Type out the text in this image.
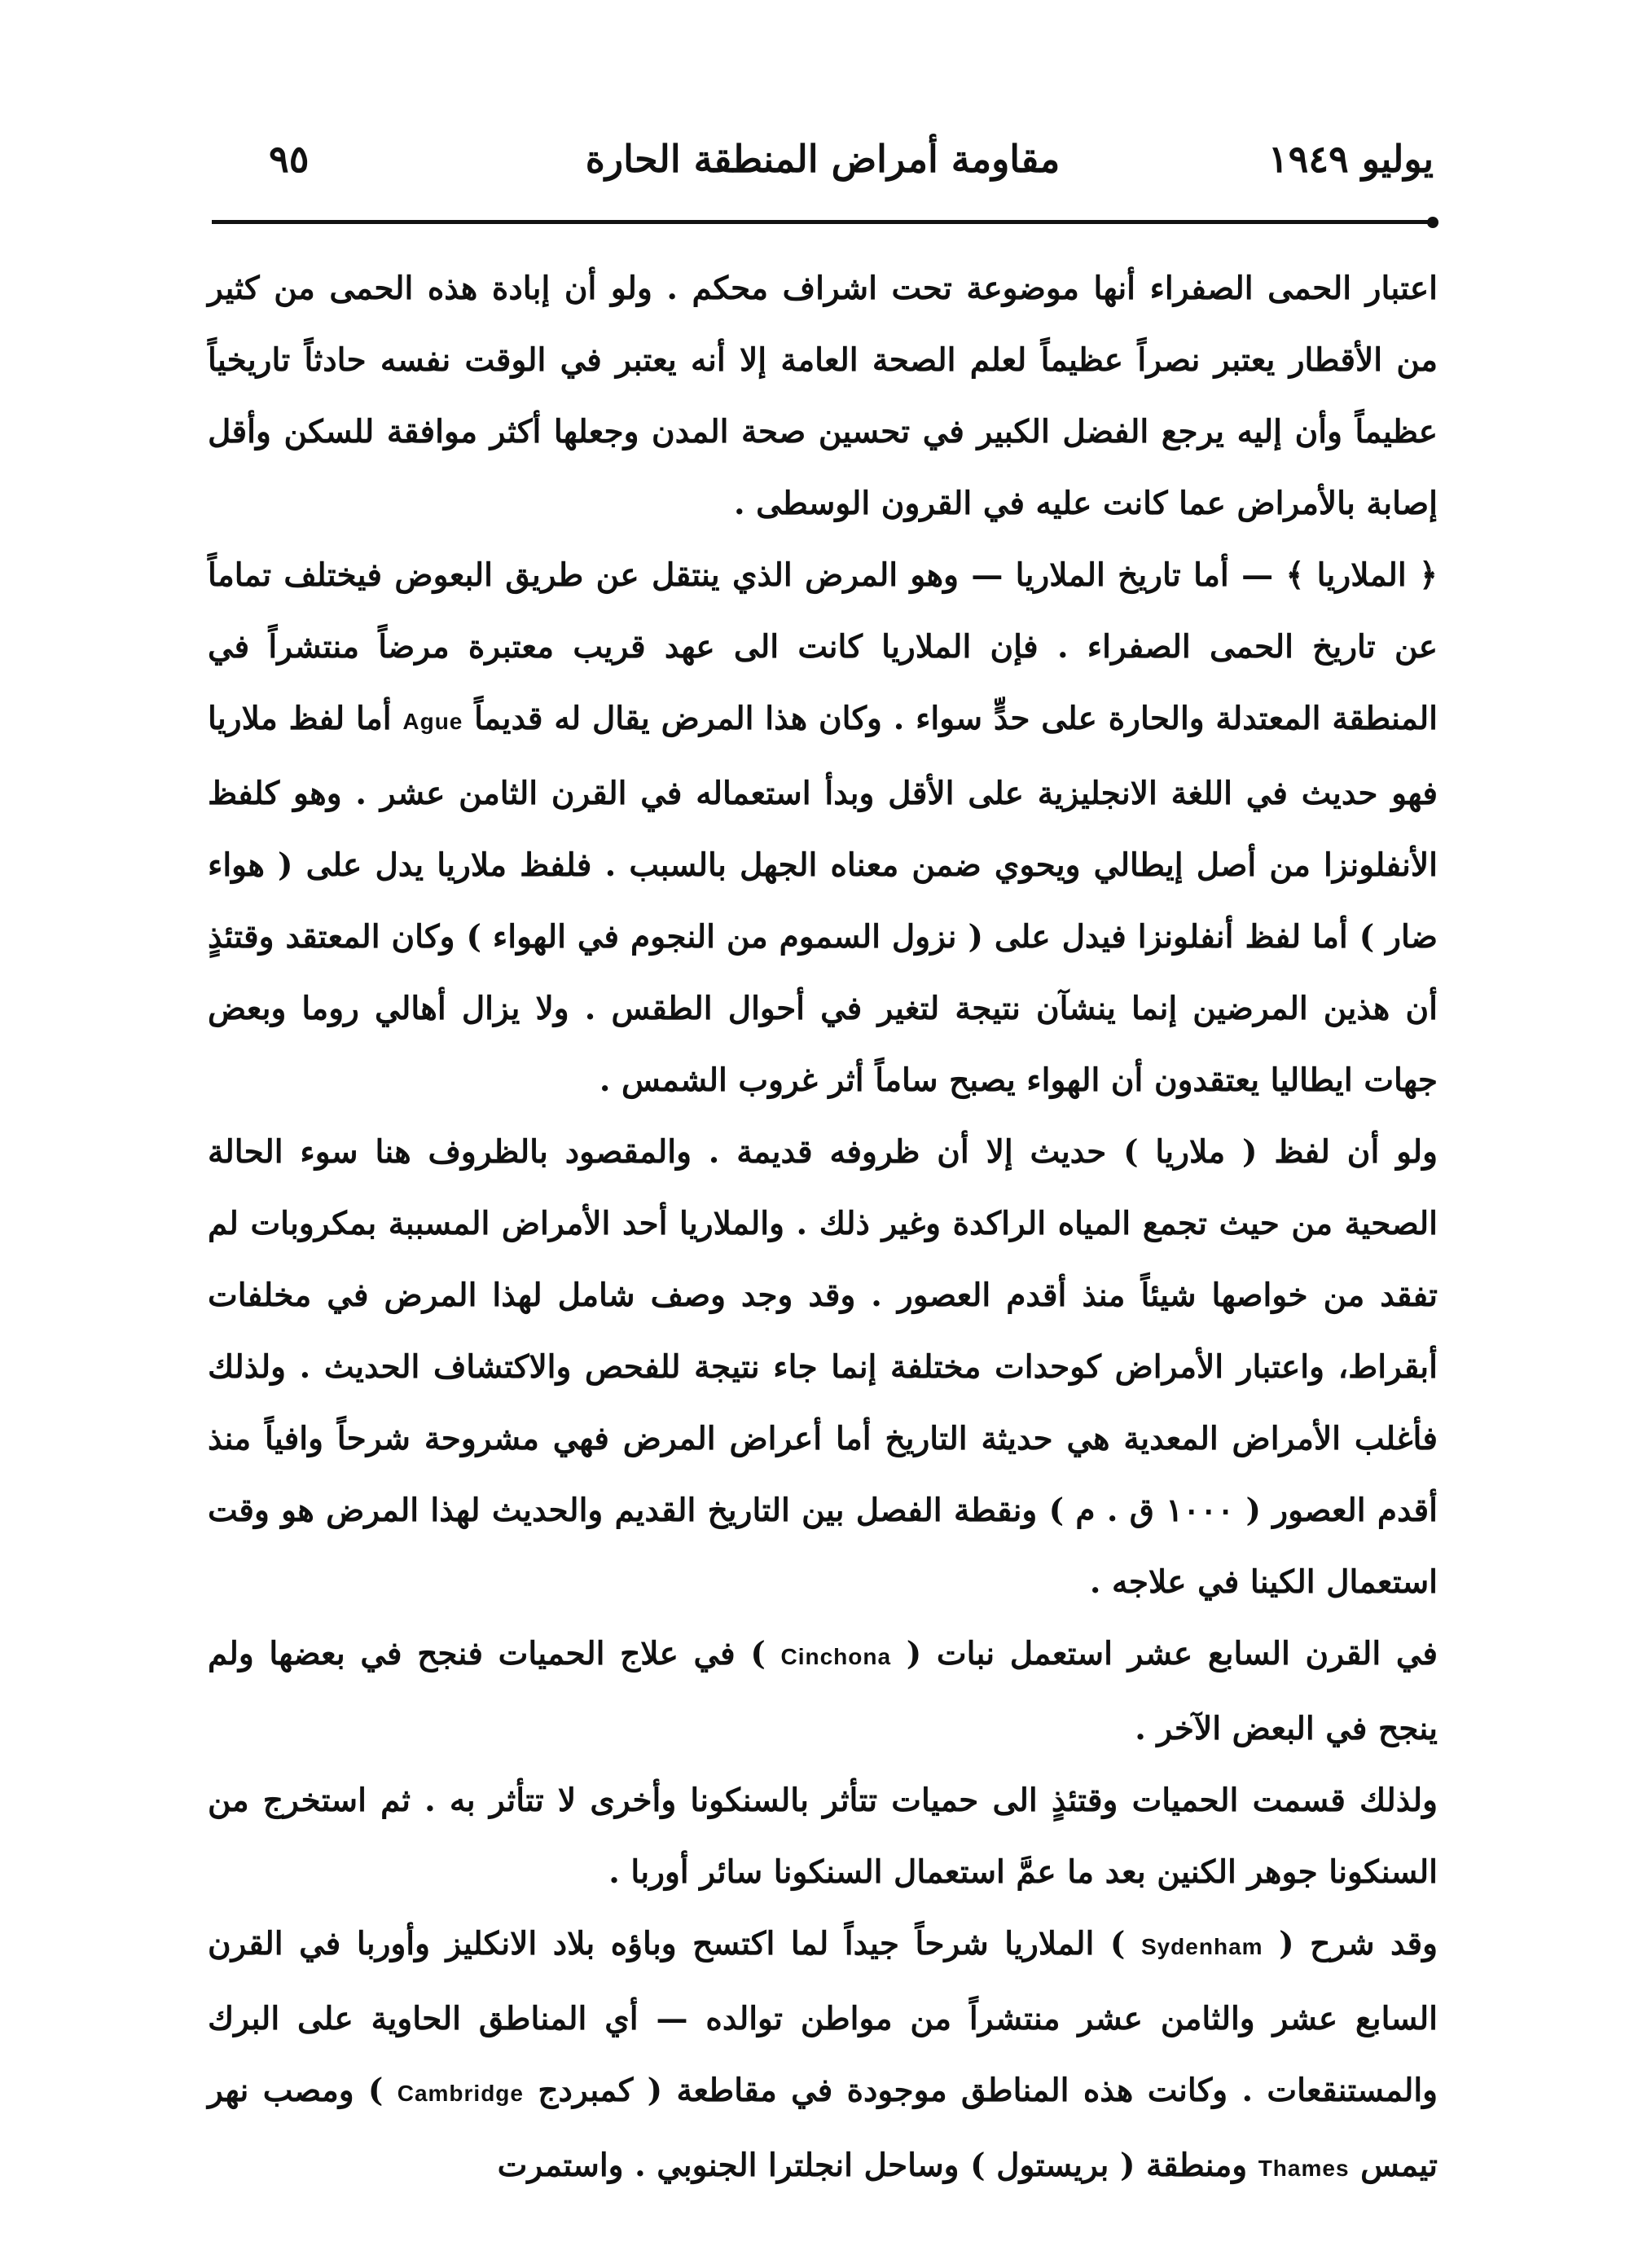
يوليو ١٩٤٩
مقاومة أمراض المنطقة الحارة
٩٥

اعتبار الحمى الصفراء أنها موضوعة تحت اشراف محكم . ولو أن إبادة هذه الحمى من كثير من الأقطار يعتبر نصراً عظيماً لعلم الصحة العامة إلا أنه يعتبر في الوقت نفسه حادثاً تاريخياً عظيماً وأن إليه يرجع الفضل الكبير في تحسين صحة المدن وجعلها أكثر موافقة للسكن وأقل إصابة بالأمراض عما كانت عليه في القرون الوسطى .

﴿ الملاريا ﴾ — أما تاريخ الملاريا — وهو المرض الذي ينتقل عن طريق البعوض فيختلف تماماً عن تاريخ الحمى الصفراء . فإن الملاريا كانت الى عهد قريب معتبرة مرضاً منتشراً في المنطقة المعتدلة والحارة على حدٍّ سواء . وكان هذا المرض يقال له قديماً Ague أما لفظ ملاريا فهو حديث في اللغة الانجليزية على الأقل وبدأ استعماله في القرن الثامن عشر . وهو كلفظ الأنفلونزا من أصل إيطالي ويحوي ضمن معناه الجهل بالسبب . فلفظ ملاريا يدل على ( هواء ضار ) أما لفظ أنفلونزا فيدل على ( نزول السموم من النجوم في الهواء ) وكان المعتقد وقتئذٍ أن هذين المرضين إنما ينشآن نتيجة لتغير في أحوال الطقس . ولا يزال أهالي روما وبعض جهات ايطاليا يعتقدون أن الهواء يصبح ساماً أثر غروب الشمس .

ولو أن لفظ ( ملاريا ) حديث إلا أن ظروفه قديمة . والمقصود بالظروف هنا سوء الحالة الصحية من حيث تجمع المياه الراكدة وغير ذلك . والملاريا أحد الأمراض المسببة بمكروبات لم تفقد من خواصها شيئاً منذ أقدم العصور . وقد وجد وصف شامل لهذا المرض في مخلفات أبقراط، واعتبار الأمراض كوحدات مختلفة إنما جاء نتيجة للفحص والاكتشاف الحديث . ولذلك فأغلب الأمراض المعدية هي حديثة التاريخ أما أعراض المرض فهي مشروحة شرحاً وافياً منذ أقدم العصور ( ١٠٠٠ ق . م ) ونقطة الفصل بين التاريخ القديم والحديث لهذا المرض هو وقت استعمال الكينا في علاجه .

في القرن السابع عشر استعمل نبات ( Cinchona ) في علاج الحميات فنجح في بعضها ولم ينجح في البعض الآخر .

ولذلك قسمت الحميات وقتئذٍ الى حميات تتأثر بالسنكونا وأخرى لا تتأثر به . ثم استخرج من السنكونا جوهر الكنين بعد ما عمَّ استعمال السنكونا سائر أوربا .

وقد شرح ( Sydenham ) الملاريا شرحاً جيداً لما اكتسح وباؤه بلاد الانكليز وأوربا في القرن السابع عشر والثامن عشر منتشراً من مواطن توالده — أي المناطق الحاوية على البرك والمستنقعات . وكانت هذه المناطق موجودة في مقاطعة ( كمبردج Cambridge ) ومصب نهر تيمس Thames ومنطقة ( بريستول ) وساحل انجلترا الجنوبي . واستمرت
